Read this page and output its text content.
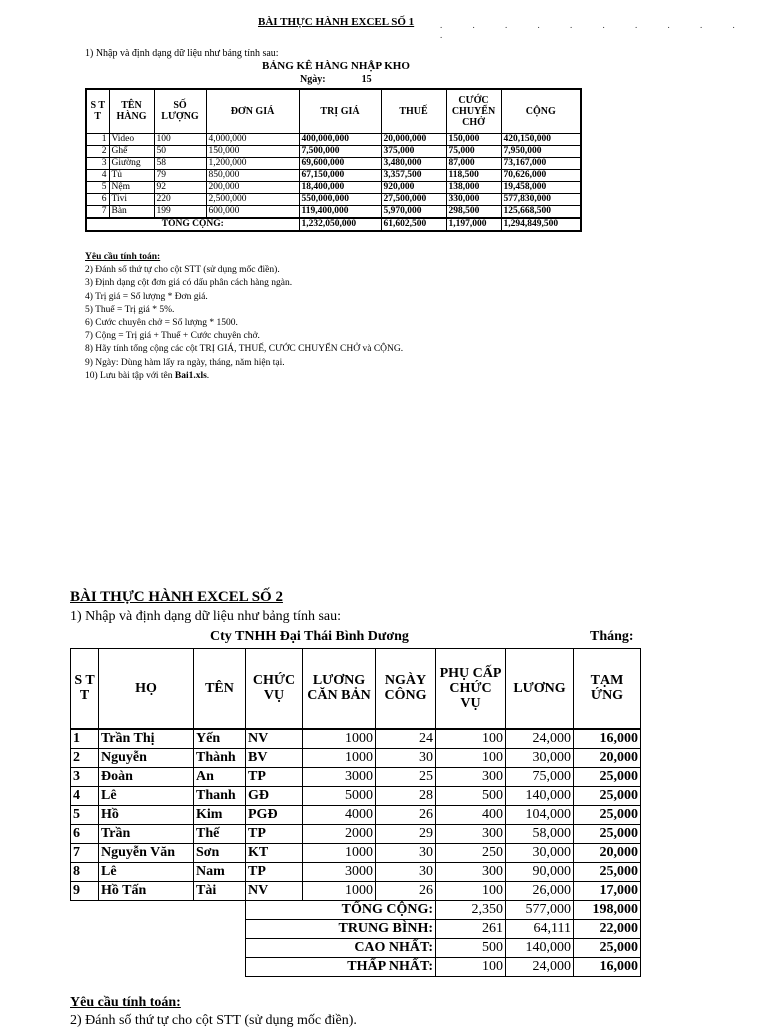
BÀI THỰC HÀNH EXCEL SỐ 1	. . . . . . . . . . .
1) Nhập và định dạng dữ liệu như bảng tính sau:
BẢNG KÊ HÀNG NHẬP KHO
Ngày:	15
S T T	TÊN HÀNG	SỐ LƯỢNG	ĐƠN GIÁ	TRỊ GIÁ	THUẾ	CƯỚC CHUYỂN CHỞ	CỘNG
1	Video	100	4,000,000	400,000,000	20,000,000	150,000	420,150,000
2	Ghế	50	150,000	7,500,000	375,000	75,000	7,950,000
3	Giường	58	1,200,000	69,600,000	3,480,000	87,000	73,167,000
4	Tủ	79	850,000	67,150,000	3,357,500	118,500	70,626,000
5	Nệm	92	200,000	18,400,000	920,000	138,000	19,458,000
6	Tivi	220	2,500,000	550,000,000	27,500,000	330,000	577,830,000
7	Bàn	199	600,000	119,400,000	5,970,000	298,500	125,668,500
TỔNG CỘNG:				1,232,050,000	61,602,500	1,197,000	1,294,849,500
Yêu cầu tính toán:
2) Đánh số thứ tự cho cột STT (sử dụng mốc điền).
3) Định dạng cột đơn giá có dấu phân cách hàng ngàn.
4) Trị giá = Số lượng * Đơn giá.
5) Thuế = Trị giá * 5%.
6) Cước chuyên chở = Số lượng * 1500.
7) Cộng = Trị giá + Thuế + Cước chuyên chở.
8) Hãy tính tổng cộng các cột TRỊ GIÁ, THUẾ, CƯỚC CHUYỂN CHỞ và CỘNG.
9) Ngày: Dùng hàm lấy ra ngày, tháng, năm hiện tại.
10) Lưu bài tập với tên Bai1.xls.
BÀI THỰC HÀNH EXCEL SỐ 2
1) Nhập và định dạng dữ liệu như bảng tính sau:
Cty TNHH Đại Thái Bình Dương	Tháng:
S T T	HỌ	TÊN	CHỨC VỤ	LƯƠNG CĂN BẢN	NGÀY CÔNG	PHỤ CẤP CHỨC VỤ	LƯƠNG	TẠM ỨNG
1	Trần Thị	Yến	NV	1000	24	100	24,000	16,000
2	Nguyễn	Thành	BV	1000	30	100	30,000	20,000
3	Đoàn	An	TP	3000	25	300	75,000	25,000
4	Lê	Thanh	GĐ	5000	28	500	140,000	25,000
5	Hồ	Kim	PGĐ	4000	26	400	104,000	25,000
6	Trần	Thế	TP	2000	29	300	58,000	25,000
7	Nguyễn Văn	Sơn	KT	1000	30	250	30,000	20,000
8	Lê	Nam	TP	3000	30	300	90,000	25,000
9	Hồ Tấn	Tài	NV	1000	26	100	26,000	17,000
			TỔNG CỘNG:			2,350	577,000	198,000
			TRUNG BÌNH:			261	64,111	22,000
			CAO NHẤT:			500	140,000	25,000
			THẤP NHẤT:			100	24,000	16,000
Yêu cầu tính toán:
2) Đánh số thứ tự cho cột STT (sử dụng mốc điền).
